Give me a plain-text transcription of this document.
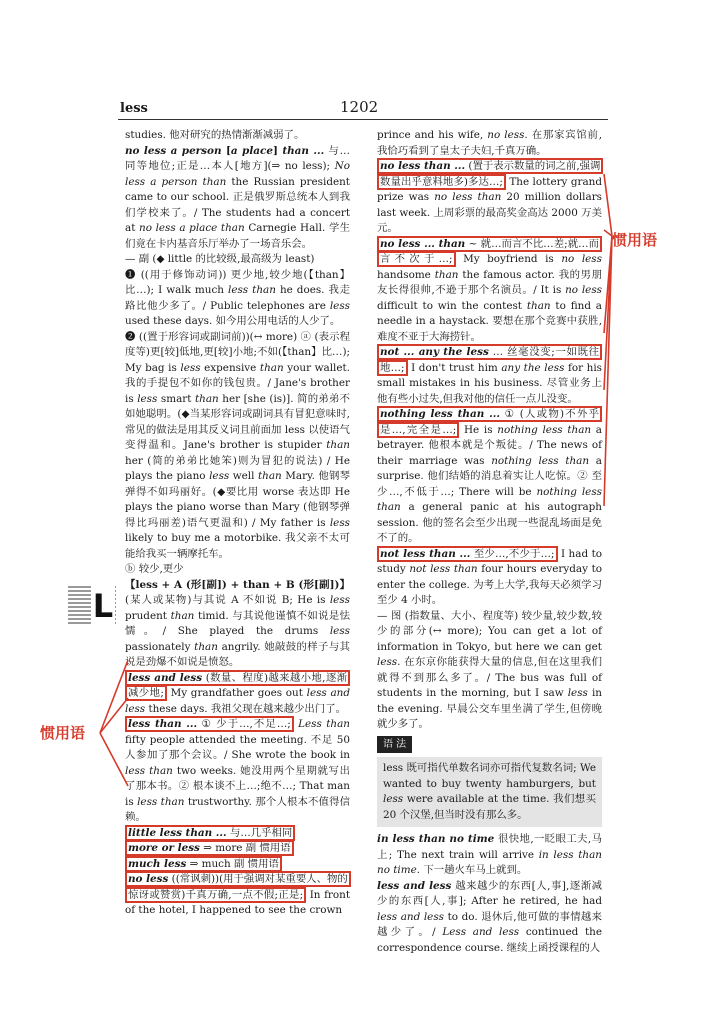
less	1202

studies. 他对研究的热情渐渐减弱了。

no less a person [a place] than ... 与…同等地位;正是…本人[地方](⇒ no less); No less a person than the Russian president came to our school. 正是俄罗斯总统本人到我们学校来了。/ The students had a concert at no less a place than Carnegie Hall. 学生们竟在卡内基音乐厅举办了一场音乐会。

— 副 (◆ little 的比较级,最高级为 least)

❶ ((用于修饰动词)) 更少地,较少地(【than】比…); I walk much less than he does. 我走路比他少多了。/ Public telephones are less used these days. 如今用公用电话的人少了。

❷ ((置于形容词或副词前))(↔ more) ⓐ (表示程度等)更[较]低地,更[较]小地;不如(【than】比…); My bag is less expensive than your wallet. 我的手提包不如你的钱包贵。/ Jane's brother is less smart than her [she (is)]. 简的弟弟不如她聪明。(◆当某形容词或副词具有冒犯意味时,常见的做法是用其反义词且前面加 less 以使语气变得温和。Jane's brother is stupider than her (简的弟弟比她笨)则为冒犯的说法) / He plays the piano less well than Mary. 他钢琴弹得不如玛丽好。(◆要比用 worse 表达即 He plays the piano worse than Mary (他钢琴弹得比玛丽差)语气更温和) / My father is less likely to buy me a motorbike. 我父亲不太可能给我买一辆摩托车。

ⓑ 较少,更少

【less + A (形[副]) + than + B (形[副])】(某人或某物)与其说 A 不如说 B; He is less prudent than timid. 与其说他谨慎不如说是怯懦。/ She played the drums less passionately than angrily. 她敲鼓的样子与其说是劲爆不如说是愤怒。

less and less (数量、程度)越来越小地,逐渐减少地; My grandfather goes out less and less these days. 我祖父现在越来越少出门了。

less than ... ① 少于…,不足…; Less than fifty people attended the meeting. 不足 50 人参加了那个会议。/ She wrote the book in less than two weeks. 她没用两个星期就写出了那本书。② 根本谈不上…;绝不…; That man is less than trustworthy. 那个人根本不值得信赖。

little less than ... 与…几乎相同

more or less ⇒ more 副 惯用语

much less ⇒ much 副 惯用语

no less ((常讽刺))(用于强调对某重要人、物的惊讶或赞赏)千真万确,一点不假;正是; In front of the hotel, I happened to see the crown

prince and his wife, no less. 在那家宾馆前,我恰巧看到了皇太子夫妇,千真万确。

no less than ... (置于表示数量的词之前,强调数量出乎意料地多)多达…; The lottery grand prize was no less than 20 million dollars last week. 上周彩票的最高奖金高达 2000 万美元。

no less ... than ~ 就…而言不比…差;就…而言不次于…; My boyfriend is no less handsome than the famous actor. 我的男朋友长得很帅,不逊于那个名演员。/ It is no less difficult to win the contest than to find a needle in a haystack. 要想在那个竞赛中获胜,难度不亚于大海捞针。

not ... any the less … 丝毫没变;一如既往地…; I don't trust him any the less for his small mistakes in his business. 尽管业务上他有些小过失,但我对他的信任一点儿没变。

nothing less than ... ① (人或物)不外乎是…,完全是…; He is nothing less than a betrayer. 他根本就是个叛徒。/ The news of their marriage was nothing less than a surprise. 他们结婚的消息着实让人吃惊。② 至少…,不低于…; There will be nothing less than a general panic at his autograph session. 他的签名会至少出现一些混乱场面是免不了的。

not less than ... 至少…,不少于…; I had to study not less than four hours everyday to enter the college. 为考上大学,我每天必须学习至少 4 小时。

— 图 (指数量、大小、程度等) 较少量,较少数,较少的部分(↔ more); You can get a lot of information in Tokyo, but here we can get less. 在东京你能获得大量的信息,但在这里我们就得不到那么多了。/ The bus was full of students in the morning, but I saw less in the evening. 早晨公交车里坐满了学生,但傍晚就少多了。

语 法
less 既可指代单数名词亦可指代复数名词; We wanted to buy twenty hamburgers, but less were available at the time. 我们想买 20 个汉堡,但当时没有那么多。

in less than no time 很快地,一眨眼工夫,马上; The next train will arrive in less than no time. 下一趟火车马上就到。

less and less 越来越少的东西[人,事],逐渐减少的东西[人,事]; After he retired, he had less and less to do. 退休后,他可做的事情越来越少了。/ Less and less continued the correspondence course. 继续上函授课程的人

L
惯用语
惯用语
